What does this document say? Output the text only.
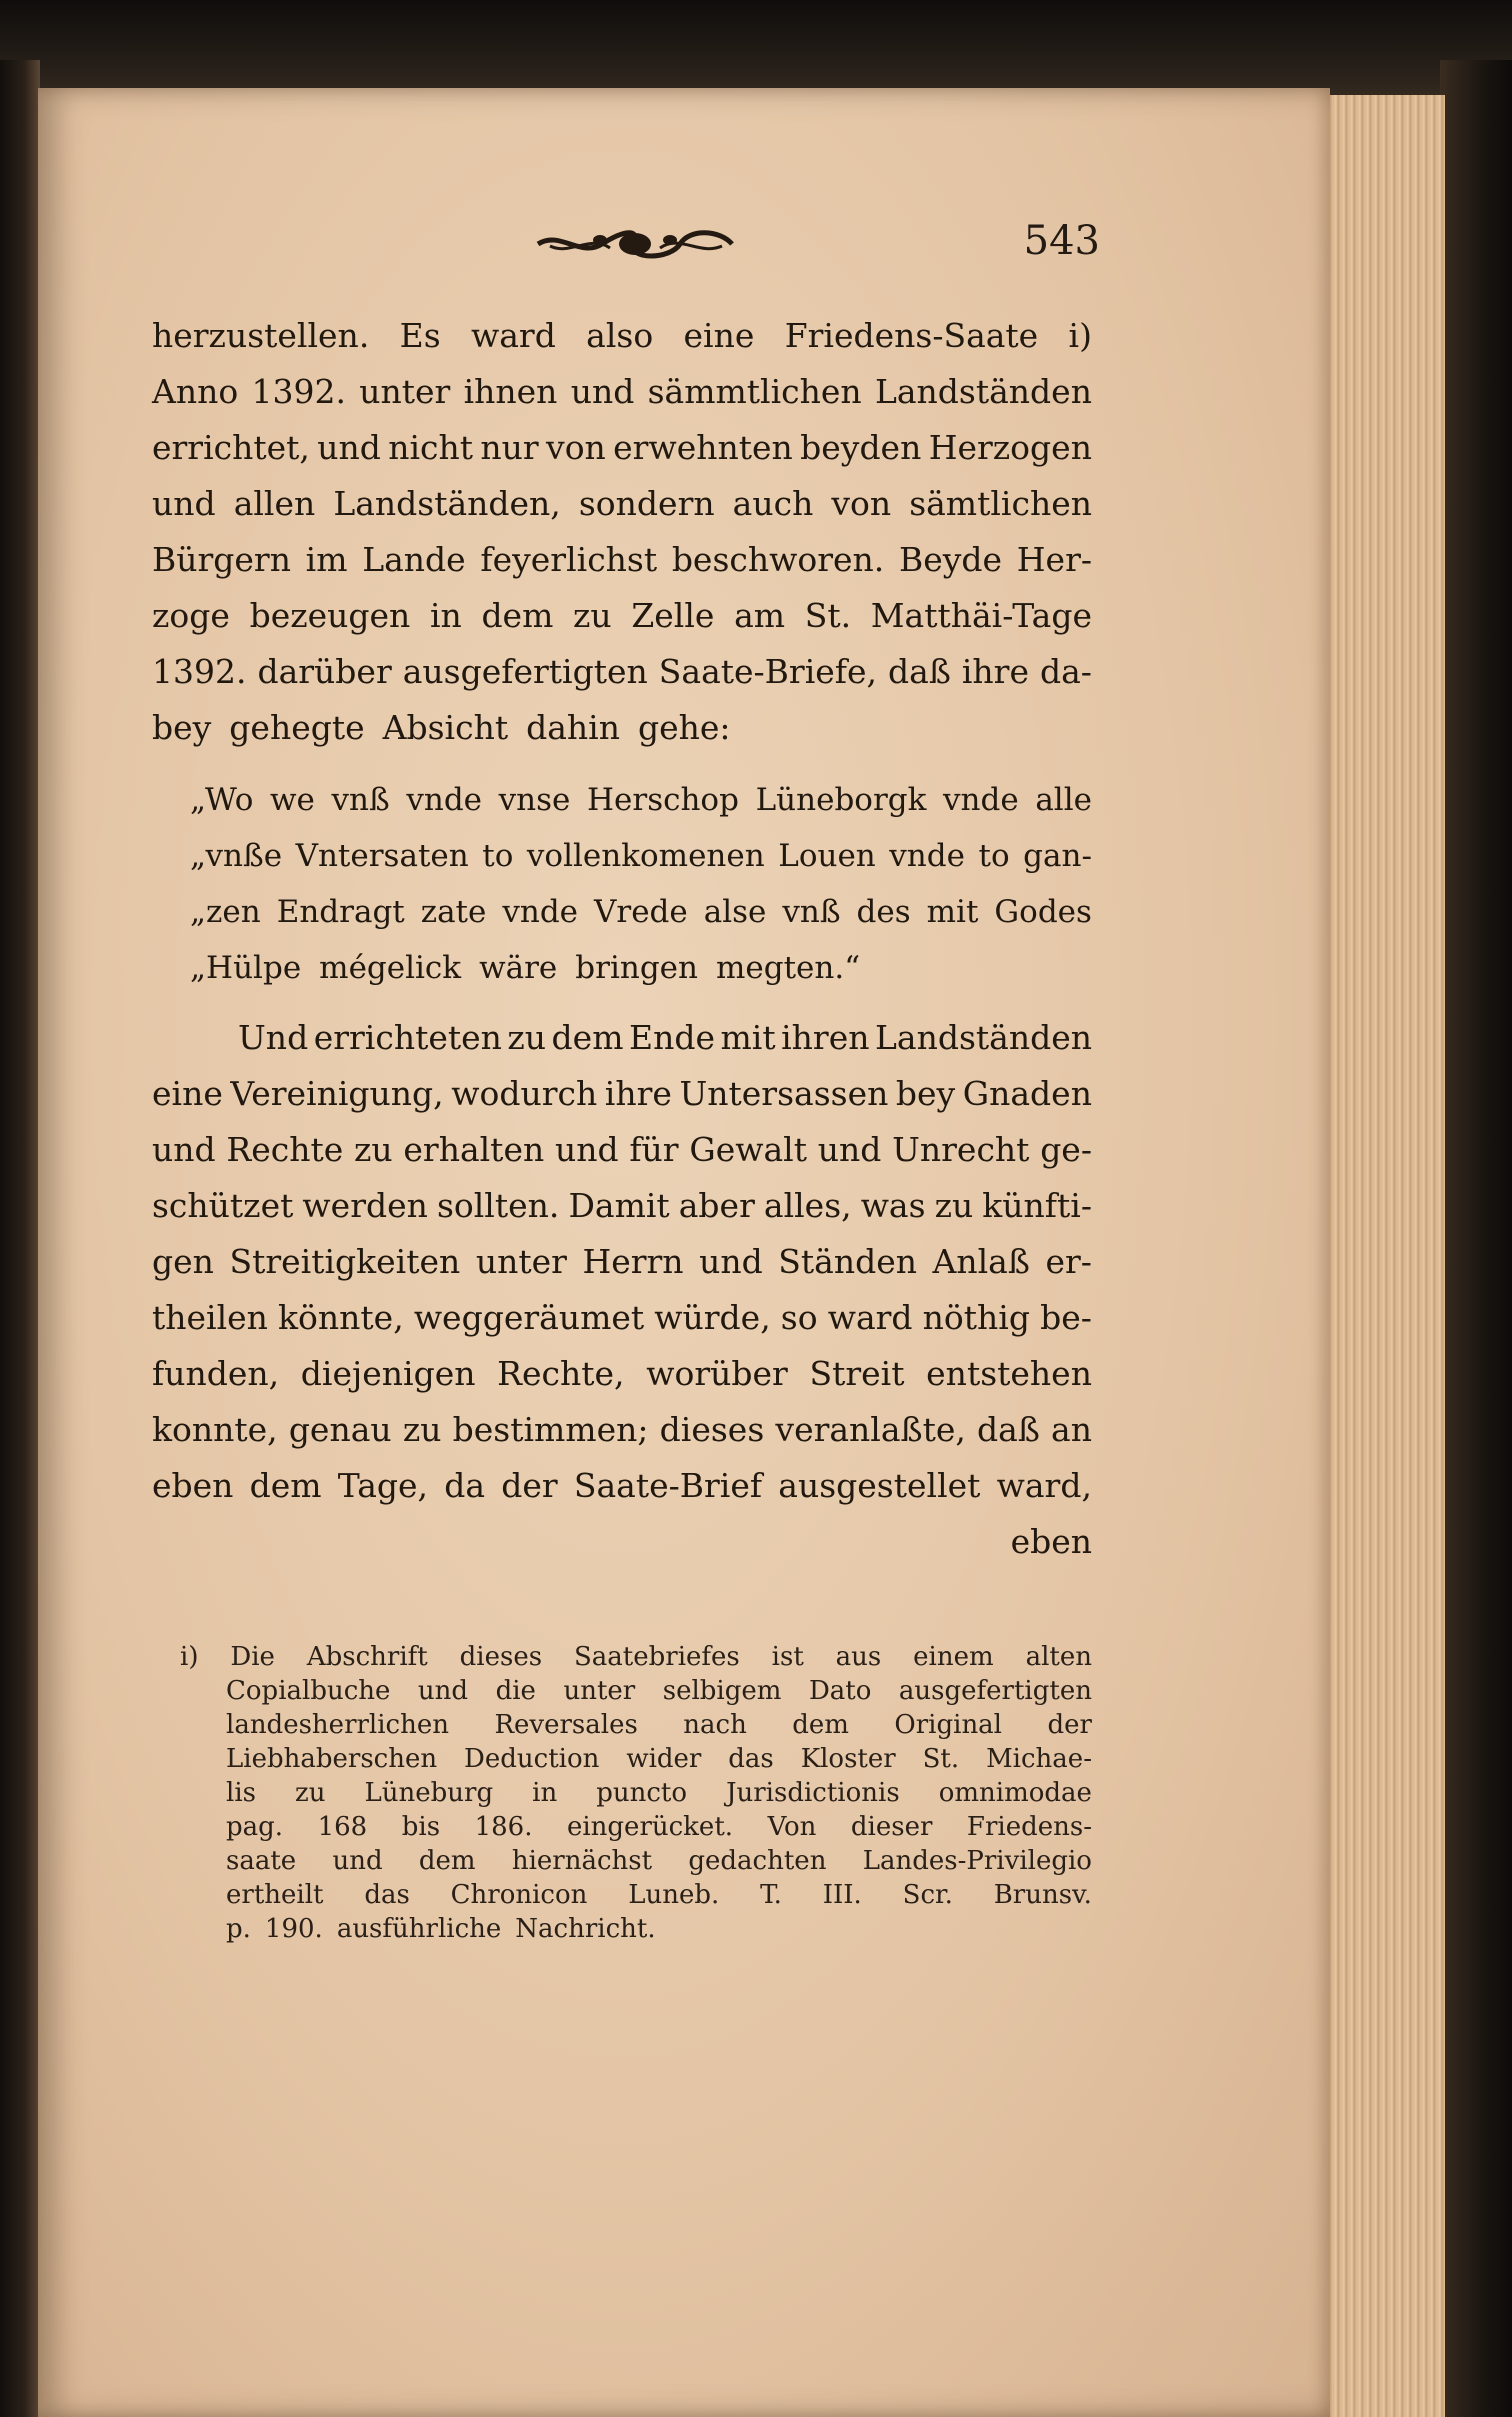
543
herzustellen. Es ward also eine Friedens-Saate i)
Anno 1392. unter ihnen und sämmtlichen Landständen
errichtet, und nicht nur von erwehnten beyden Herzogen
und allen Landständen, sondern auch von sämtlichen
Bürgern im Lande feyerlichst beschworen. Beyde Her-
zoge bezeugen in dem zu Zelle am St. Matthäi-Tage
1392. darüber ausgefertigten Saate-Briefe, daß ihre da-
bey gehegte Absicht dahin gehe:
„Wo we vnß vnde vnse Herschop Lüneborgk vnde alle
„vnße Vntersaten to vollenkomenen Louen vnde to gan-
„zen Endragt zate vnde Vrede alse vnß des mit Godes
„Hülpe mégelick wäre bringen megten.“
Und errichteten zu dem Ende mit ihren Landständen
eine Vereinigung, wodurch ihre Untersassen bey Gnaden
und Rechte zu erhalten und für Gewalt und Unrecht ge-
schützet werden sollten. Damit aber alles, was zu künfti-
gen Streitigkeiten unter Herrn und Ständen Anlaß er-
theilen könnte, weggeräumet würde, so ward nöthig be-
funden, diejenigen Rechte, worüber Streit entstehen
konnte, genau zu bestimmen; dieses veranlaßte, daß an
eben dem Tage, da der Saate-Brief ausgestellet ward,
eben
i) Die Abschrift dieses Saatebriefes ist aus einem alten
Copialbuche und die unter selbigem Dato ausgefertigten
landesherrlichen Reversales nach dem Original der
Liebhaberschen Deduction wider das Kloster St. Michae-
lis zu Lüneburg in puncto Jurisdictionis omnimodae
pag. 168 bis 186. eingerücket. Von dieser Friedens-
saate und dem hiernächst gedachten Landes-Privilegio
ertheilt das Chronicon Luneb. T. III. Scr. Brunsv.
p. 190. ausführliche Nachricht.
